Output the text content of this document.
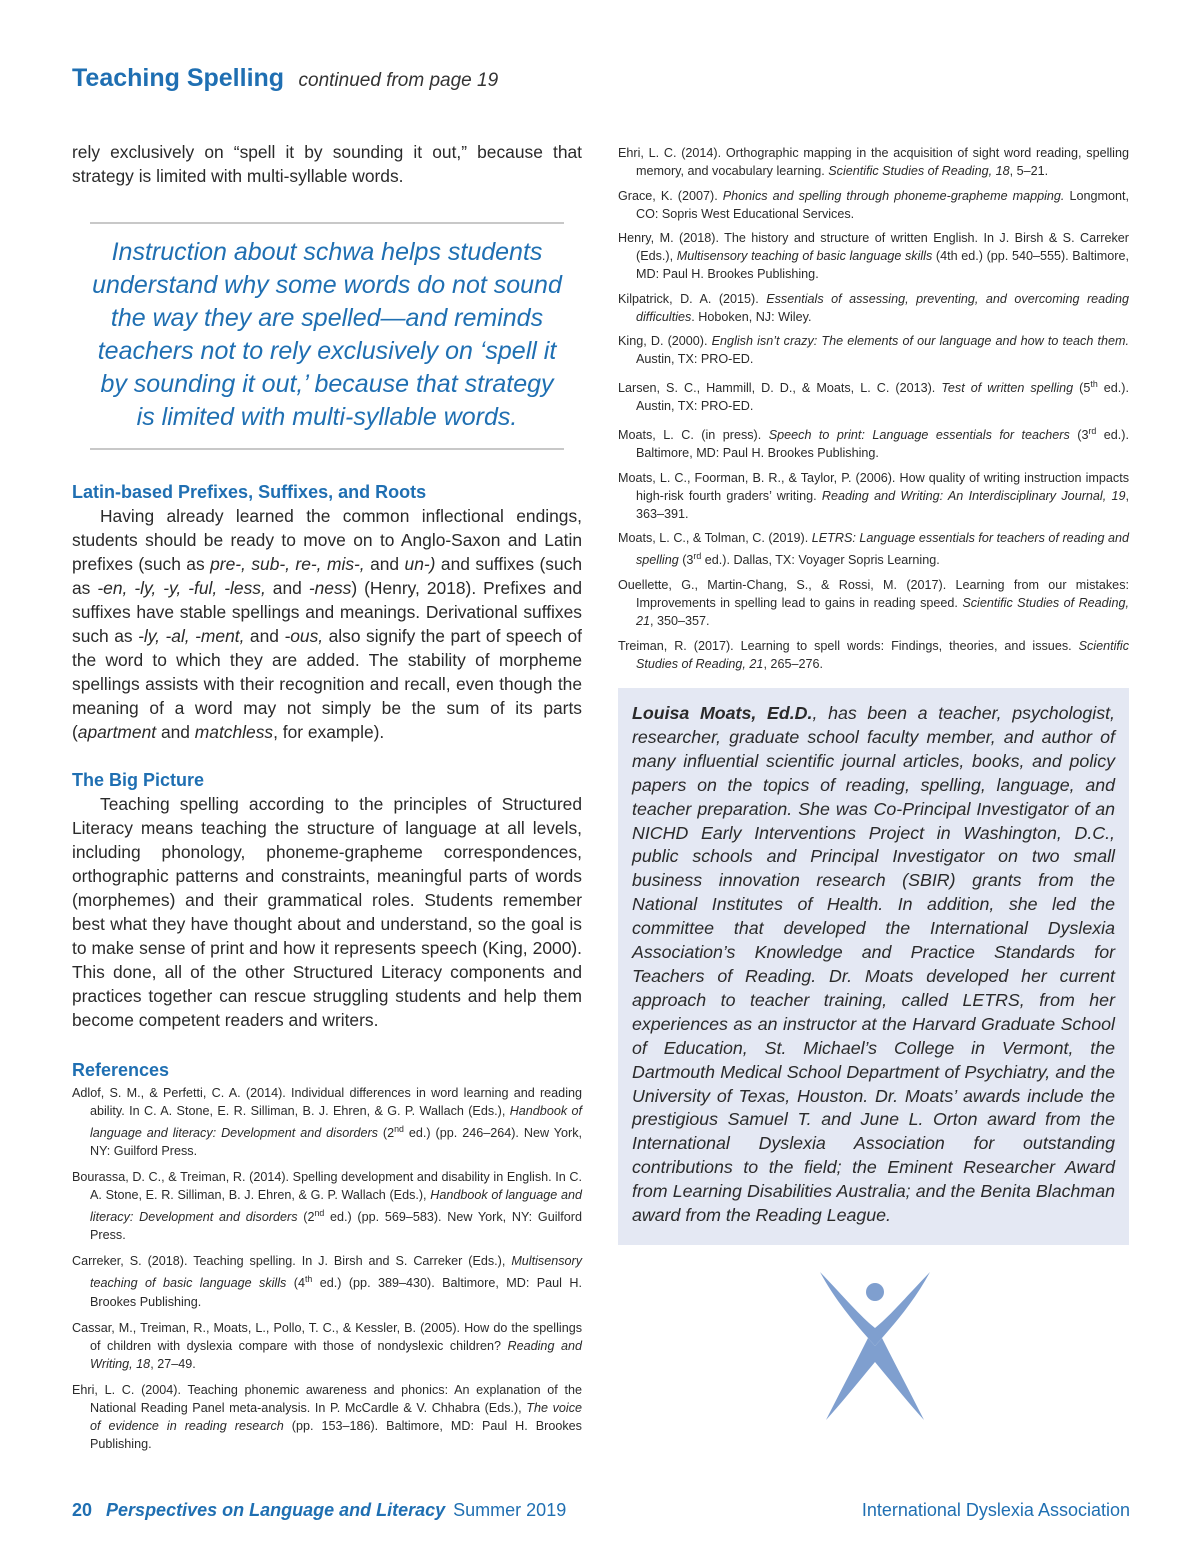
Teaching Spelling continued from page 19

rely exclusively on “spell it by sounding it out,” because that strategy is limited with multi-syllable words.

Instruction about schwa helps students
understand why some words do not sound
the way they are spelled—and reminds
teachers not to rely exclusively on ‘spell it
by sounding it out,’ because that strategy
is limited with multi-syllable words.
Latin-based Prefixes, Suffixes, and Roots

Having already learned the common inflectional endings, students should be ready to move on to Anglo-Saxon and Latin prefixes (such as pre-, sub-, re-, mis-, and un-) and suffixes (such as -en, -ly, -y, -ful, -less, and -ness) (Henry, 2018). Prefixes and suffixes have stable spellings and meanings. Derivational suffixes such as -ly, -al, -ment, and -ous, also signify the part of speech of the word to which they are added. The stability of morpheme spellings assists with their recognition and recall, even though the meaning of a word may not simply be the sum of its parts (apartment and matchless, for example).

The Big Picture

Teaching spelling according to the principles of Structured Literacy means teaching the structure of language at all levels, including phonology, phoneme-grapheme correspondences, orthographic patterns and constraints, meaningful parts of words (morphemes) and their grammatical roles. Students remember best what they have thought about and understand, so the goal is to make sense of print and how it represents speech (King, 2000). This done, all of the other Structured Literacy components and practices together can rescue struggling students and help them become competent readers and writers.

References
Adlof, S. M., & Perfetti, C. A. (2014). Individual differences in word learning and reading ability. In C. A. Stone, E. R. Silliman, B. J. Ehren, & G. P. Wallach (Eds.), Handbook of language and literacy: Development and disorders (2nd ed.) (pp. 246–264). New York, NY: Guilford Press.
Bourassa, D. C., & Treiman, R. (2014). Spelling development and disability in English. In C. A. Stone, E. R. Silliman, B. J. Ehren, & G. P. Wallach (Eds.), Handbook of language and literacy: Development and disorders (2nd ed.) (pp. 569–583). New York, NY: Guilford Press.
Carreker, S. (2018). Teaching spelling. In J. Birsh and S. Carreker (Eds.), Multisensory teaching of basic language skills (4th ed.) (pp. 389–430). Baltimore, MD: Paul H. Brookes Publishing.
Cassar, M., Treiman, R., Moats, L., Pollo, T. C., & Kessler, B. (2005). How do the spellings of children with dyslexia compare with those of nondyslexic children? Reading and Writing, 18, 27–49.
Ehri, L. C. (2004). Teaching phonemic awareness and phonics: An explanation of the National Reading Panel meta-analysis. In P. McCardle & V. Chhabra (Eds.), The voice of evidence in reading research (pp. 153–186). Baltimore, MD: Paul H. Brookes Publishing.
Ehri, L. C. (2014). Orthographic mapping in the acquisition of sight word reading, spelling memory, and vocabulary learning. Scientific Studies of Reading, 18, 5–21.
Grace, K. (2007). Phonics and spelling through phoneme-grapheme mapping. Longmont, CO: Sopris West Educational Services.
Henry, M. (2018). The history and structure of written English. In J. Birsh & S. Carreker (Eds.), Multisensory teaching of basic language skills (4th ed.) (pp. 540–555). Baltimore, MD: Paul H. Brookes Publishing.
Kilpatrick, D. A. (2015). Essentials of assessing, preventing, and overcoming reading difficulties. Hoboken, NJ: Wiley.
King, D. (2000). English isn’t crazy: The elements of our language and how to teach them. Austin, TX: PRO-ED.
Larsen, S. C., Hammill, D. D., & Moats, L. C. (2013). Test of written spelling (5th ed.). Austin, TX: PRO-ED.
Moats, L. C. (in press). Speech to print: Language essentials for teachers (3rd ed.). Baltimore, MD: Paul H. Brookes Publishing.
Moats, L. C., Foorman, B. R., & Taylor, P. (2006). How quality of writing instruction impacts high-risk fourth graders’ writing. Reading and Writing: An Interdisciplinary Journal, 19, 363–391.
Moats, L. C., & Tolman, C. (2019). LETRS: Language essentials for teachers of reading and spelling (3rd ed.). Dallas, TX: Voyager Sopris Learning.
Ouellette, G., Martin-Chang, S., & Rossi, M. (2017). Learning from our mistakes: Improvements in spelling lead to gains in reading speed. Scientific Studies of Reading, 21, 350–357.
Treiman, R. (2017). Learning to spell words: Findings, theories, and issues. Scientific Studies of Reading, 21, 265–276.

Louisa Moats, Ed.D., has been a teacher, psychologist, researcher, graduate school faculty member, and author of many influential scientific journal articles, books, and policy papers on the topics of reading, spelling, language, and teacher preparation. She was Co-Principal Investigator of an NICHD Early Interventions Project in Washington, D.C., public schools and Principal Investigator on two small business innovation research (SBIR) grants from the National Institutes of Health. In addition, she led the committee that developed the International Dyslexia Association’s Knowledge and Practice Standards for Teachers of Reading. Dr. Moats developed her current approach to teacher training, called LETRS, from her experiences as an instructor at the Harvard Graduate School of Education, St. Michael’s College in Vermont, the Dartmouth Medical School Department of Psychiatry, and the University of Texas, Houston. Dr. Moats’ awards include the prestigious Samuel T. and June L. Orton award from the International Dyslexia Association for outstanding contributions to the field; the Eminent Researcher Award from Learning Disabilities Australia; and the Benita Blachman award from the Reading League.

20 Perspectives on Language and Literacy Summer 2019	International Dyslexia Association
